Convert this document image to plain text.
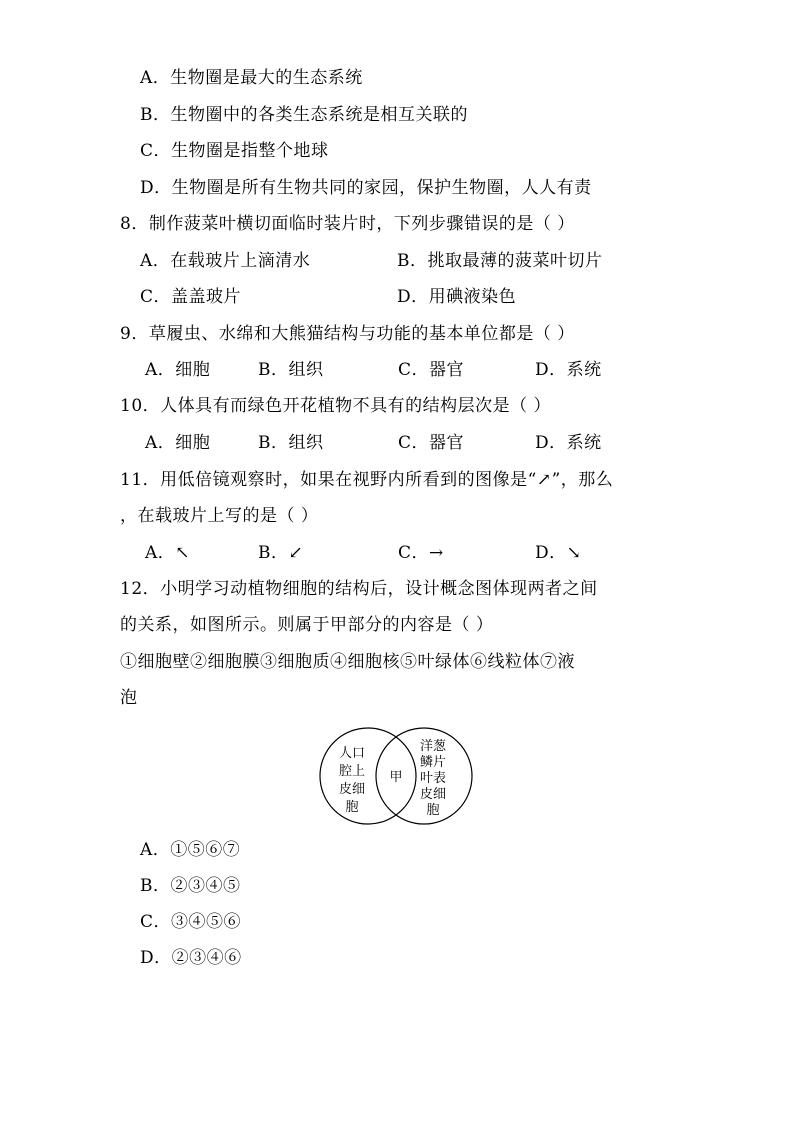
A．生物圈是最大的生态系统
B．生物圈中的各类生态系统是相互关联的
C．生物圈是指整个地球
D．生物圈是所有生物共同的家园，保护生物圈，人人有责
8．制作菠菜叶横切面临时装片时，下列步骤错误的是（ ）
A．在载玻片上滴清水	B．挑取最薄的菠菜叶切片
C．盖盖玻片	D．用碘液染色
9．草履虫、水绵和大熊猫结构与功能的基本单位都是（ ）
A．细胞	B．组织	C．器官	D．系统
10．人体具有而绿色开花植物不具有的结构层次是（ ）
A．细胞	B．组织	C．器官	D．系统
11．用低倍镜观察时，如果在视野内所看到的图像是“↗”，那么
，在载玻片上写的是（ ）
A．↖	B．↙	C．→	D．↘
12．小明学习动植物细胞的结构后，设计概念图体现两者之间
的关系，如图所示。则属于甲部分的内容是（ ）
①细胞壁②细胞膜③细胞质④细胞核⑤叶绿体⑥线粒体⑦液
泡
人口
腔上
皮细
胞
甲
洋葱
鳞片
叶表
皮细
胞
A．①⑤⑥⑦
B．②③④⑤
C．③④⑤⑥
D．②③④⑥
